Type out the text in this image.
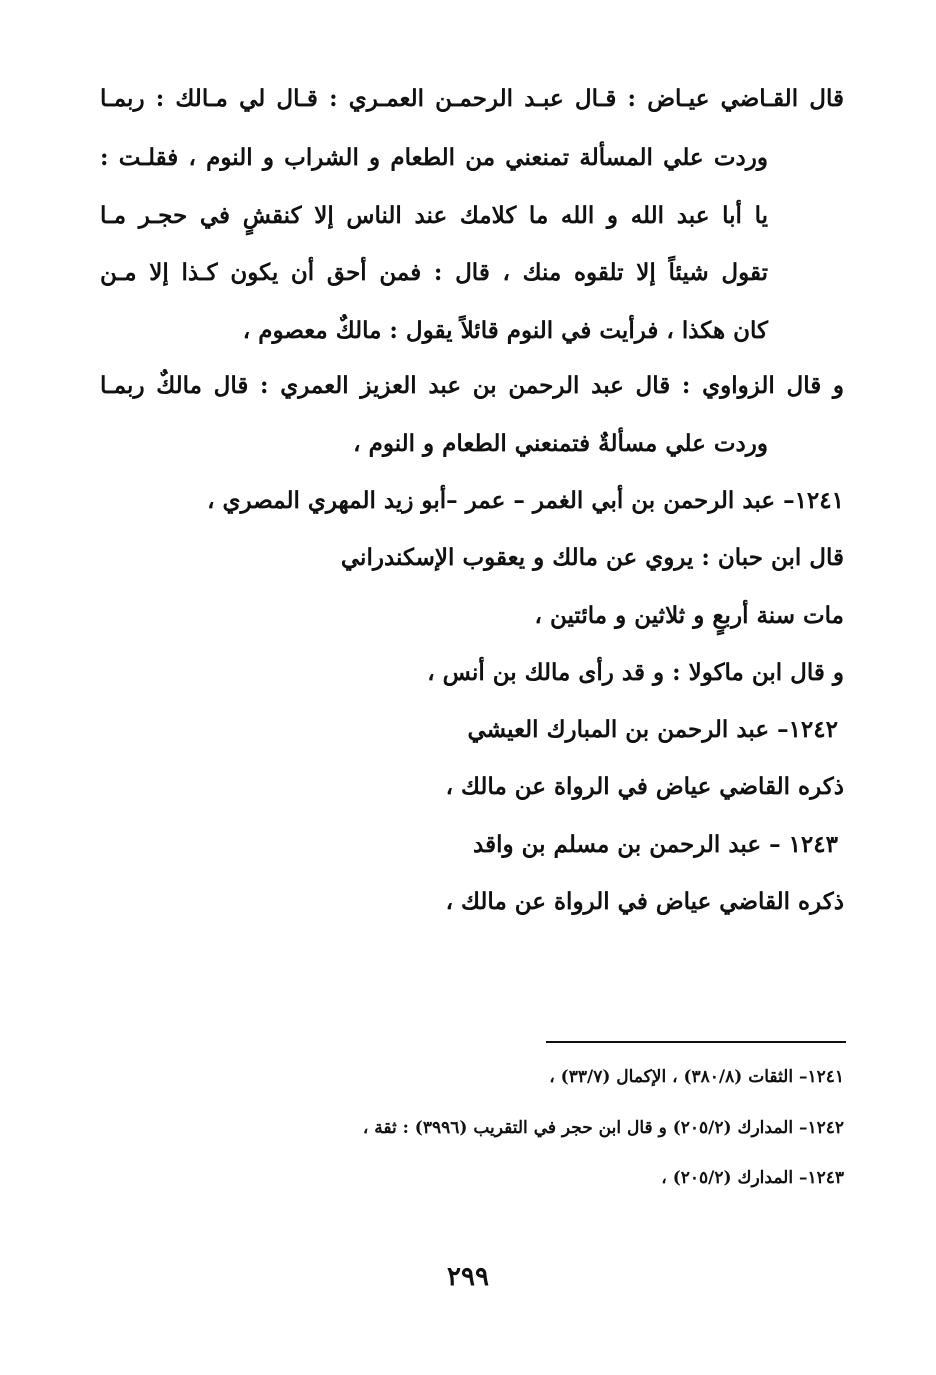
قال القـاضي عيـاض : قـال عبـد الرحمـن العمـري : قـال لي مـالك : ربمـا
وردت علي المسألة تمنعني من الطعام و الشراب و النوم ، فقلـت :
يا أبا عبد الله و الله ما كلامك عند الناس إلا كنقشٍ في حجـر مـا
تقول شيئاً إلا تلقوه منك ، قال : فمن أحق أن يكون كـذا إلا مـن
كان هكذا ، فرأيت في النوم قائلاً يقول : مالكٌ معصوم ،
و قال الزواوي : قال عبد الرحمن بن عبد العزيز العمري : قال مالكٌ ربمـا
وردت علي مسألةٌ فتمنعني الطعام و النوم ،
١٢٤١– عبد الرحمن بن أبي الغمر – عمر –أبو زيد المهري المصري ،
قال ابن حبان : يروي عن مالك و يعقوب الإسكندراني
مات سنة أربعٍ و ثلاثين و مائتين ،
و قال ابن ماكولا : و قد رأى مالك بن أنس ،
١٢٤٢– عبد الرحمن بن المبارك العيشي
ذكره القاضي عياض في الرواة عن مالك ،
١٢٤٣ – عبد الرحمن بن مسلم بن واقد
ذكره القاضي عياض في الرواة عن مالك ،
١٢٤١– الثقات (٣٨٠/٨) ، الإكمال (٣٣/٧) ،
١٢٤٢– المدارك (٢٠٥/٢) و قال ابن حجر في التقريب (٣٩٩٦) : ثقة ،
١٢٤٣– المدارك (٢٠٥/٢) ،
٢٩٩
